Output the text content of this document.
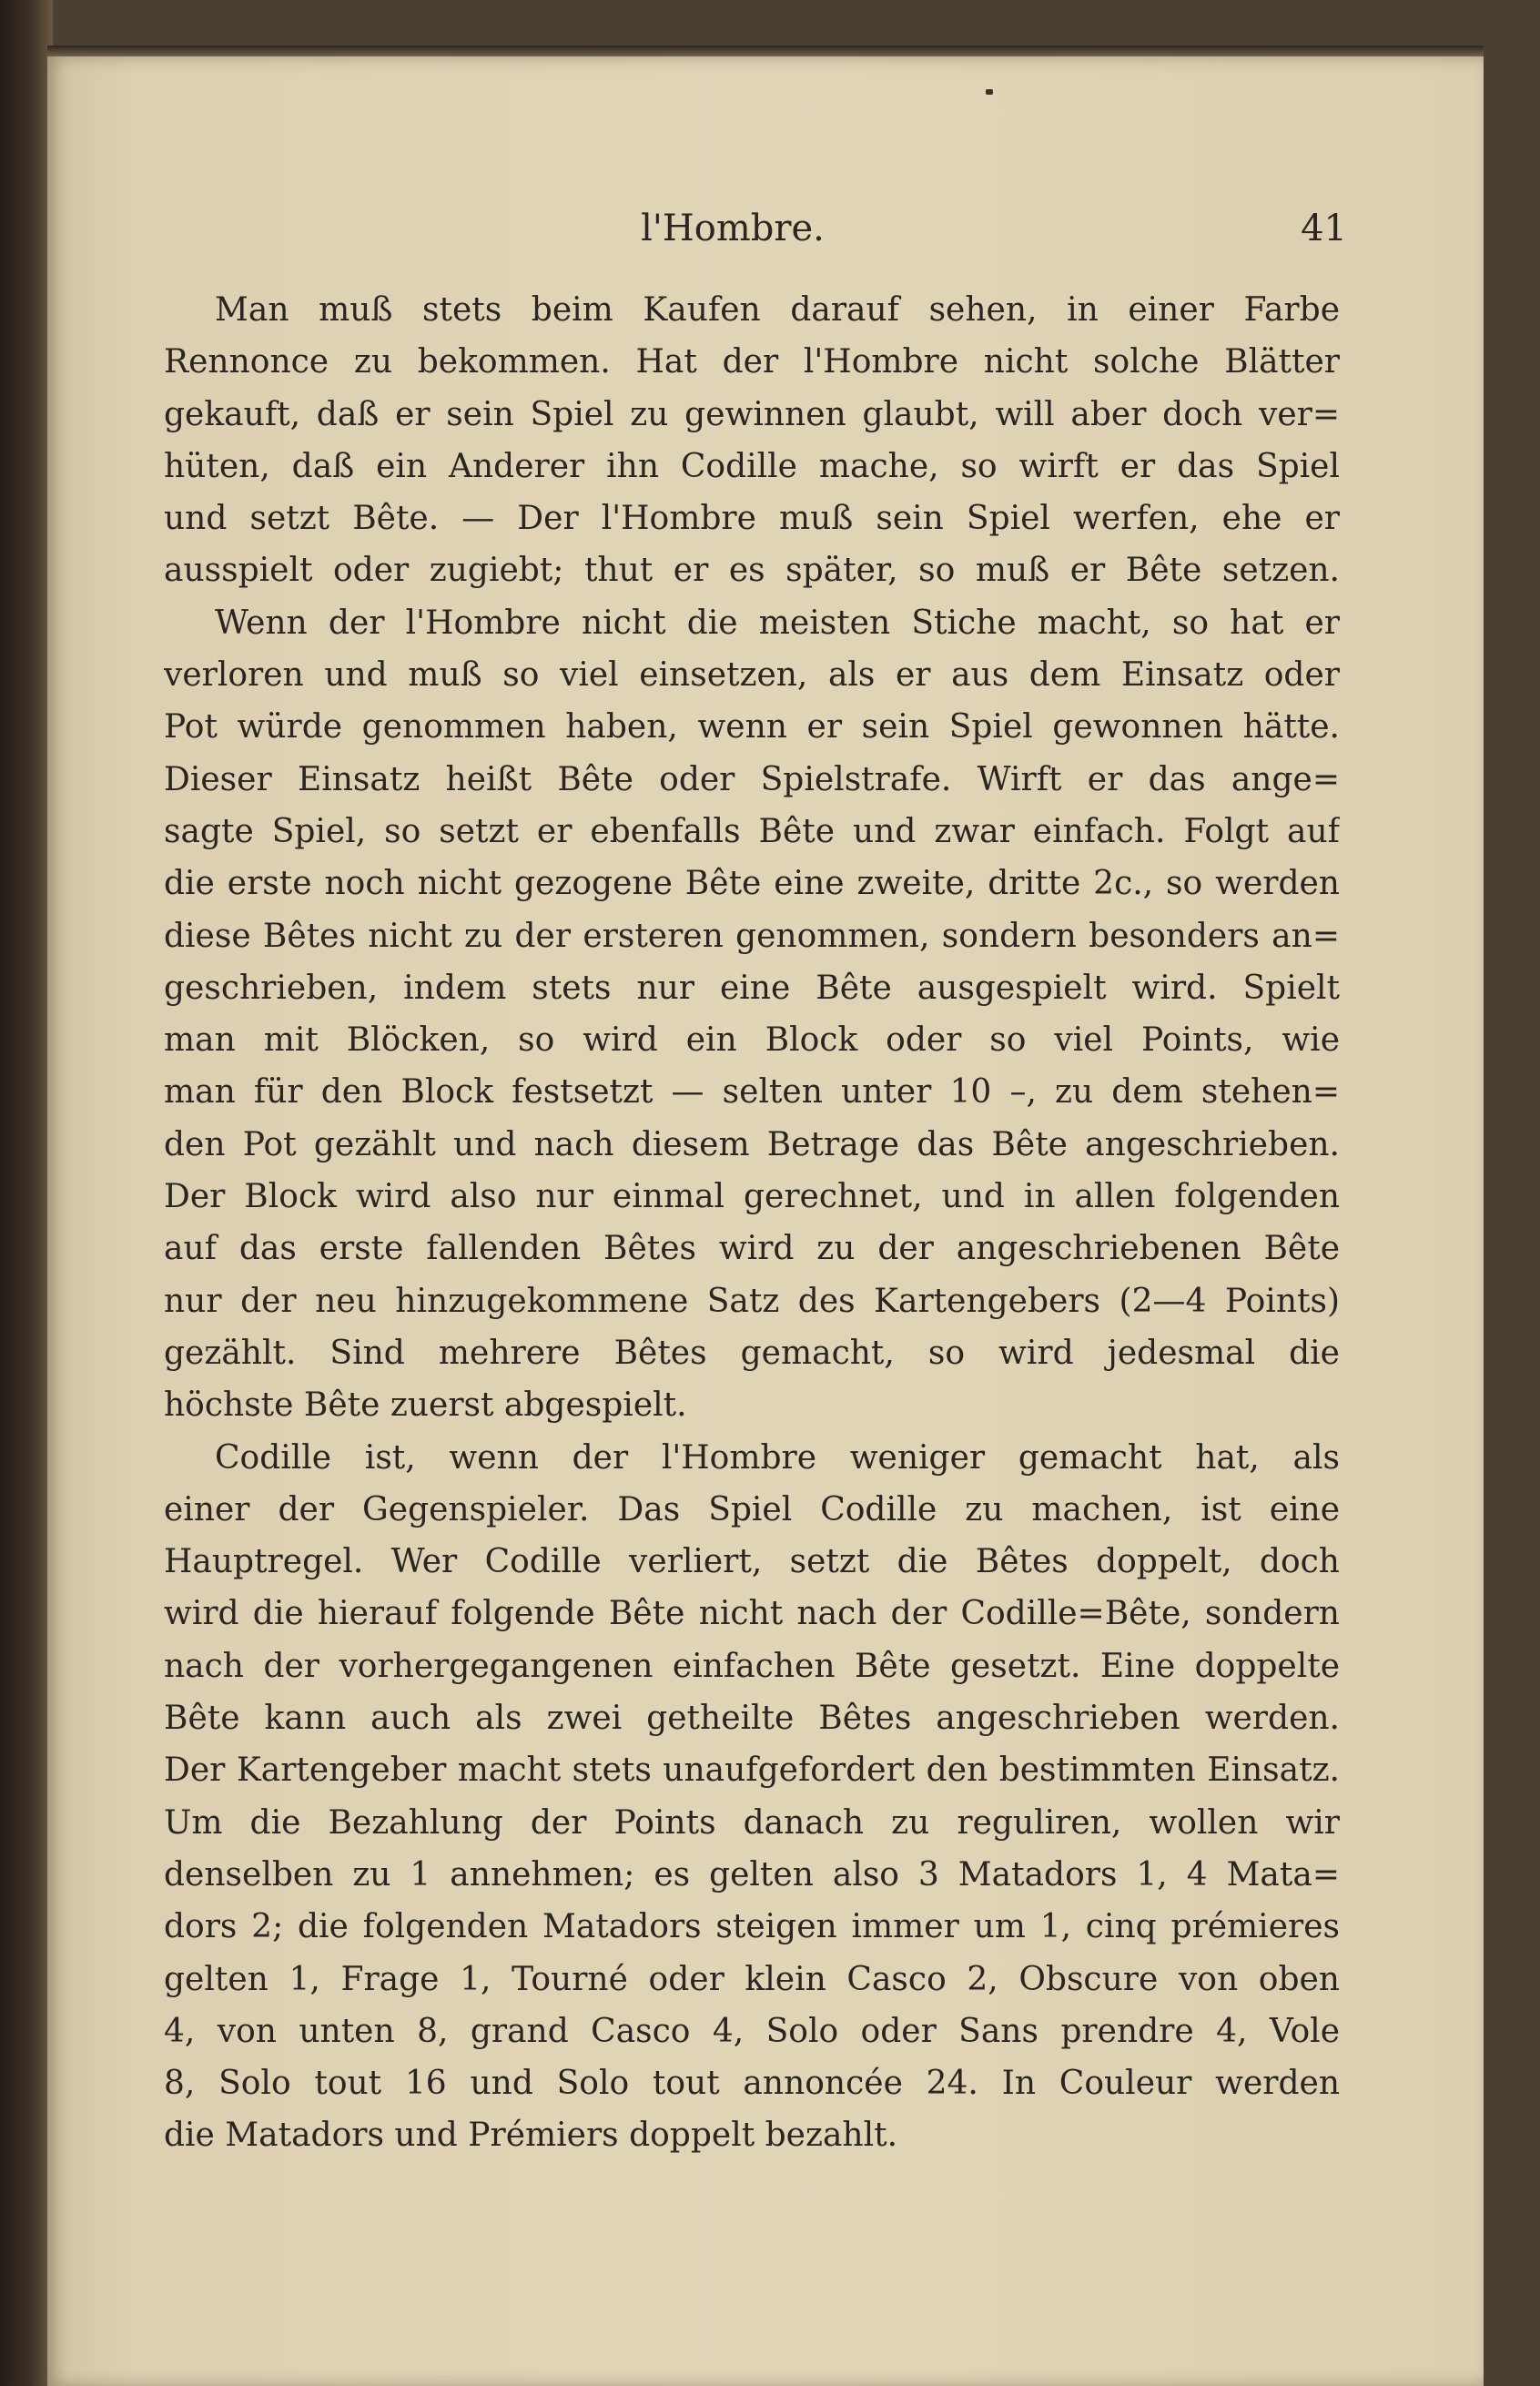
l'Hombre.	41
Man muß stets beim Kaufen darauf sehen, in einer Farbe
Rennonce zu bekommen. Hat der l'Hombre nicht solche Blätter
gekauft, daß er sein Spiel zu gewinnen glaubt, will aber doch ver=
hüten, daß ein Anderer ihn Codille mache, so wirft er das Spiel
und setzt Bête. — Der l'Hombre muß sein Spiel werfen, ehe er
ausspielt oder zugiebt; thut er es später, so muß er Bête setzen.
Wenn der l'Hombre nicht die meisten Stiche macht, so hat er
verloren und muß so viel einsetzen, als er aus dem Einsatz oder
Pot würde genommen haben, wenn er sein Spiel gewonnen hätte.
Dieser Einsatz heißt Bête oder Spielstrafe. Wirft er das ange=
sagte Spiel, so setzt er ebenfalls Bête und zwar einfach. Folgt auf
die erste noch nicht gezogene Bête eine zweite, dritte 2c., so werden
diese Bêtes nicht zu der ersteren genommen, sondern besonders an=
geschrieben, indem stets nur eine Bête ausgespielt wird. Spielt
man mit Blöcken, so wird ein Block oder so viel Points, wie
man für den Block festsetzt — selten unter 10 –, zu dem stehen=
den Pot gezählt und nach diesem Betrage das Bête angeschrieben.
Der Block wird also nur einmal gerechnet, und in allen folgenden
auf das erste fallenden Bêtes wird zu der angeschriebenen Bête
nur der neu hinzugekommene Satz des Kartengebers (2—4 Points)
gezählt. Sind mehrere Bêtes gemacht, so wird jedesmal die
höchste Bête zuerst abgespielt.
Codille ist, wenn der l'Hombre weniger gemacht hat, als
einer der Gegenspieler. Das Spiel Codille zu machen, ist eine
Hauptregel. Wer Codille verliert, setzt die Bêtes doppelt, doch
wird die hierauf folgende Bête nicht nach der Codille=Bête, sondern
nach der vorhergegangenen einfachen Bête gesetzt. Eine doppelte
Bête kann auch als zwei getheilte Bêtes angeschrieben werden.
Der Kartengeber macht stets unaufgefordert den bestimmten Einsatz.
Um die Bezahlung der Points danach zu reguliren, wollen wir
denselben zu 1 annehmen; es gelten also 3 Matadors 1, 4 Mata=
dors 2; die folgenden Matadors steigen immer um 1, cinq prémieres
gelten 1, Frage 1, Tourné oder klein Casco 2, Obscure von oben
4, von unten 8, grand Casco 4, Solo oder Sans prendre 4, Vole
8, Solo tout 16 und Solo tout annoncée 24. In Couleur werden
die Matadors und Prémiers doppelt bezahlt.
